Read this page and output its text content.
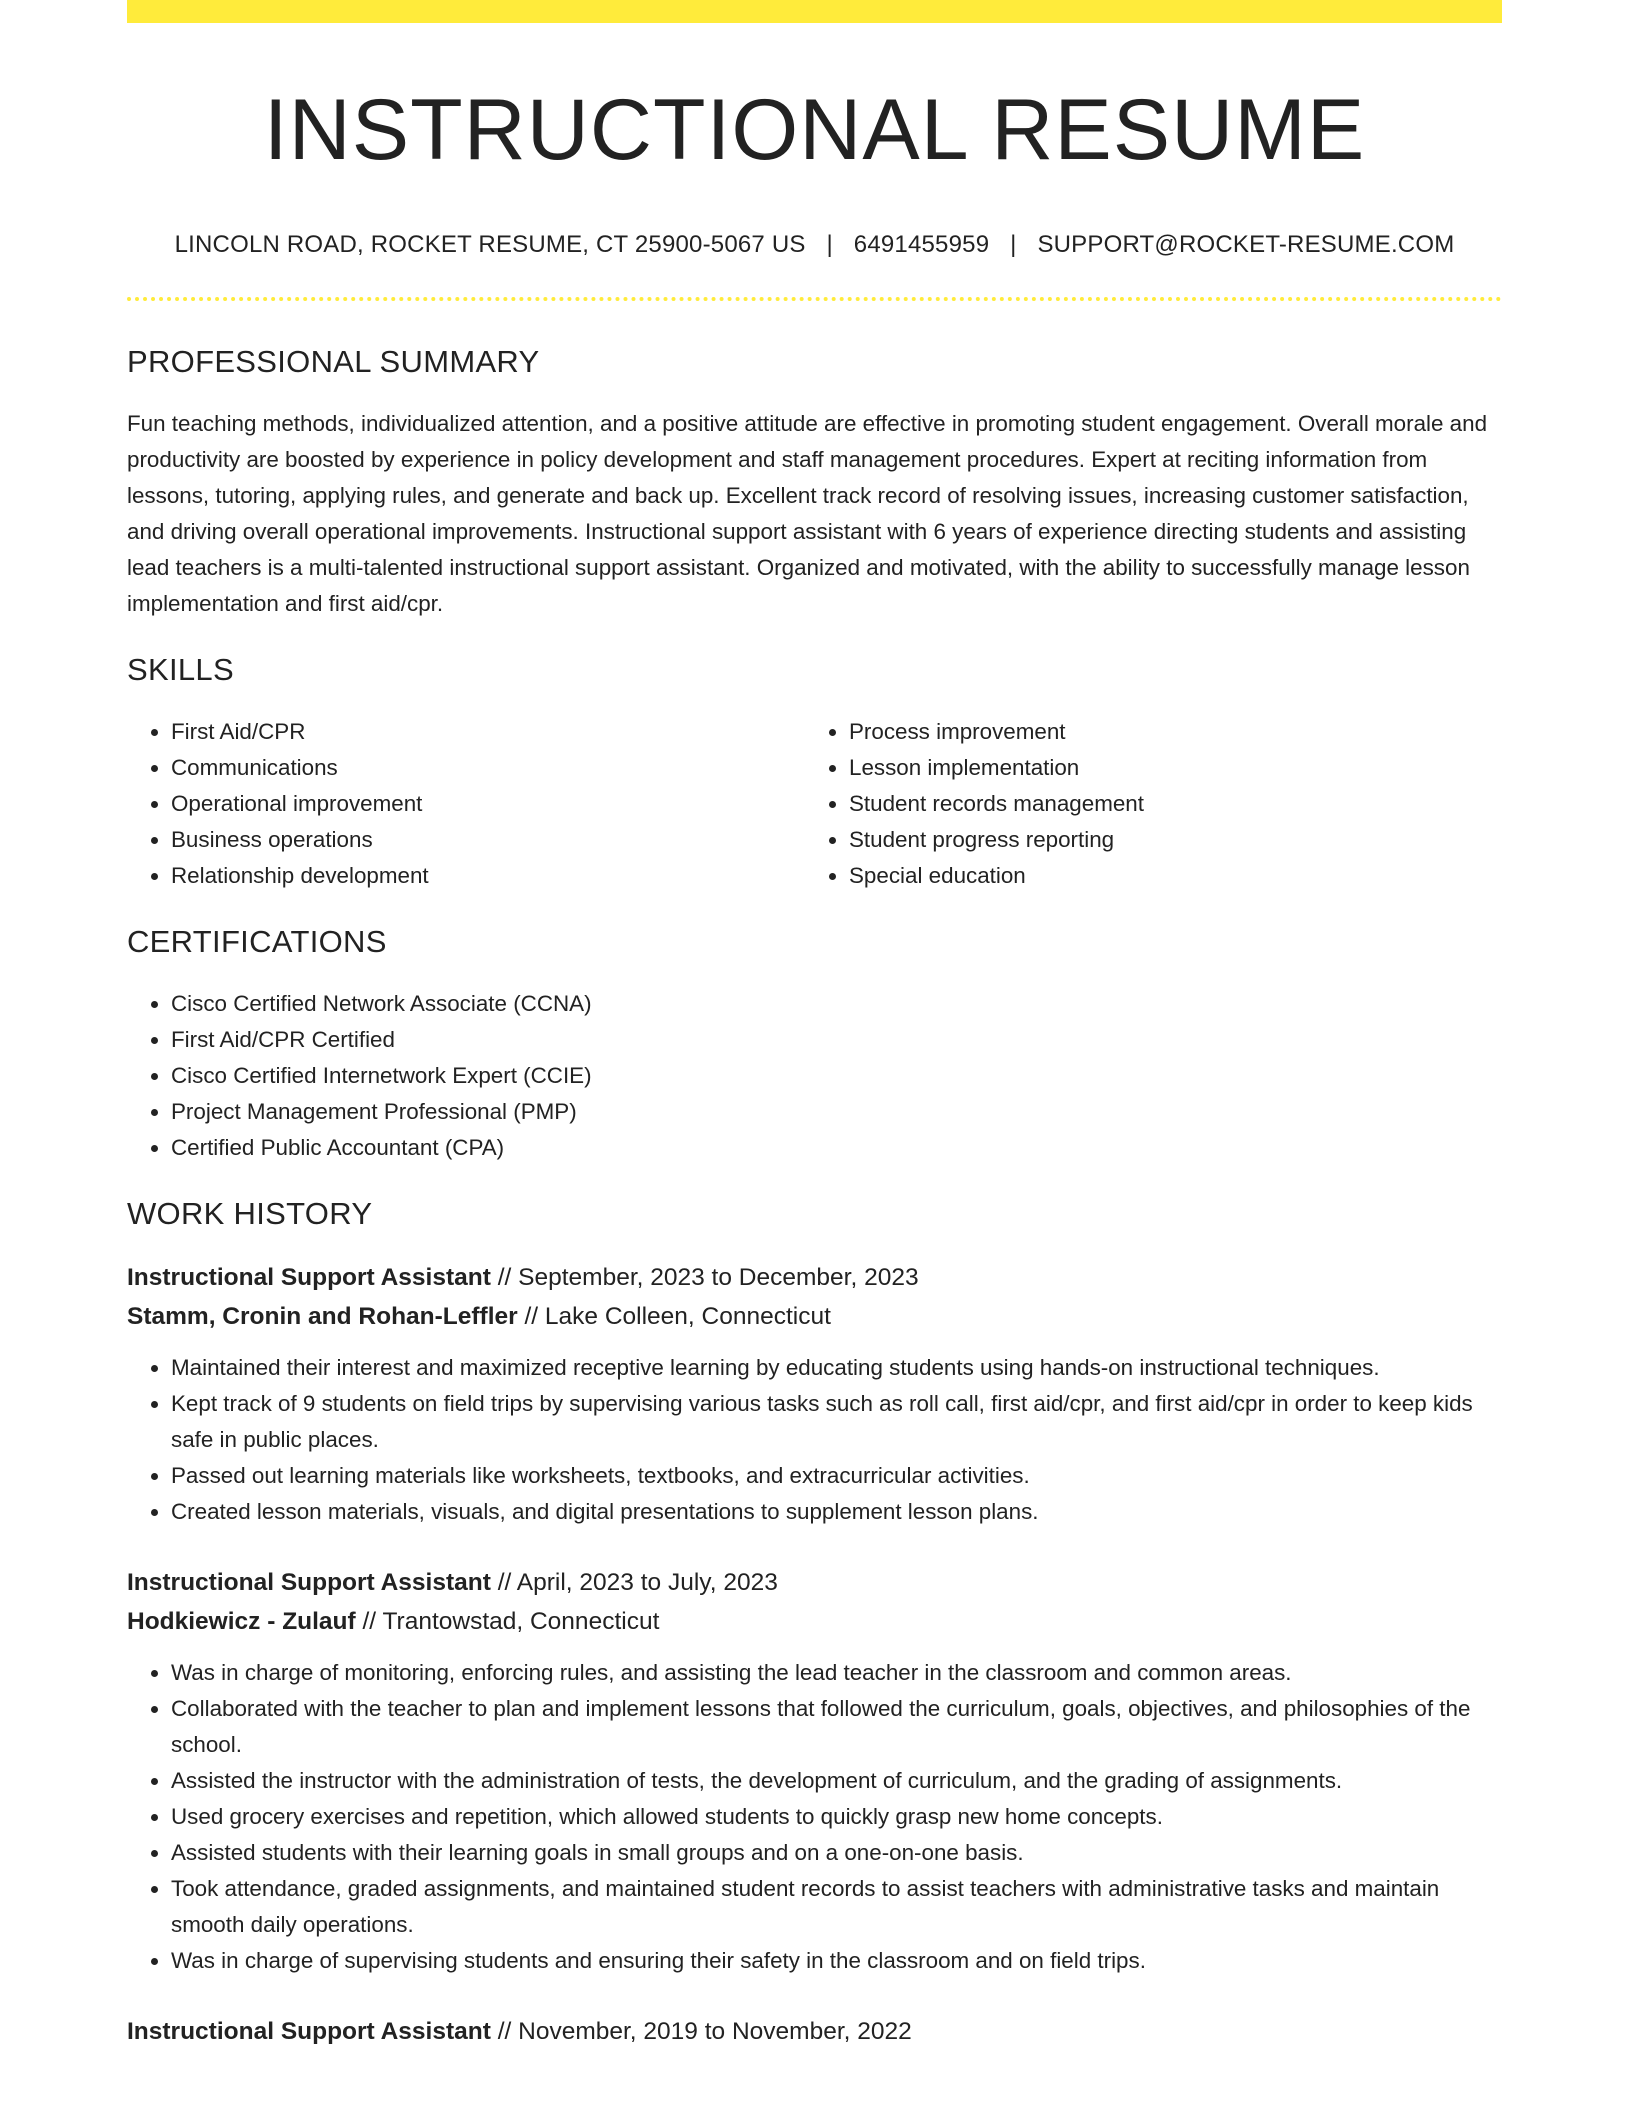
INSTRUCTIONAL RESUME
LINCOLN ROAD, ROCKET RESUME, CT 25900-5067 US | 6491455959 | SUPPORT@ROCKET-RESUME.COM
PROFESSIONAL SUMMARY

Fun teaching methods, individualized attention, and a positive attitude are effective in promoting student engagement. Overall morale and productivity are boosted by experience in policy development and staff management procedures. Expert at reciting information from lessons, tutoring, applying rules, and generate and back up. Excellent track record of resolving issues, increasing customer satisfaction, and driving overall operational improvements. Instructional support assistant with 6 years of experience directing students and assisting lead teachers is a multi-talented instructional support assistant. Organized and motivated, with the ability to successfully manage lesson implementation and first aid/cpr.

SKILLS
• First Aid/CPR
• Communications
• Operational improvement
• Business operations
• Relationship development
• Process improvement
• Lesson implementation
• Student records management
• Student progress reporting
• Special education
CERTIFICATIONS
• Cisco Certified Network Associate (CCNA)
• First Aid/CPR Certified
• Cisco Certified Internetwork Expert (CCIE)
• Project Management Professional (PMP)
• Certified Public Accountant (CPA)
WORK HISTORY
Instructional Support Assistant // September, 2023 to December, 2023
Stamm, Cronin and Rohan-Leffler // Lake Colleen, Connecticut
• Maintained their interest and maximized receptive learning by educating students using hands-on instructional techniques.
• Kept track of 9 students on field trips by supervising various tasks such as roll call, first aid/cpr, and first aid/cpr in order to keep kids safe in public places.
• Passed out learning materials like worksheets, textbooks, and extracurricular activities.
• Created lesson materials, visuals, and digital presentations to supplement lesson plans.
Instructional Support Assistant // April, 2023 to July, 2023
Hodkiewicz - Zulauf // Trantowstad, Connecticut
• Was in charge of monitoring, enforcing rules, and assisting the lead teacher in the classroom and common areas.
• Collaborated with the teacher to plan and implement lessons that followed the curriculum, goals, objectives, and philosophies of the school.
• Assisted the instructor with the administration of tests, the development of curriculum, and the grading of assignments.
• Used grocery exercises and repetition, which allowed students to quickly grasp new home concepts.
• Assisted students with their learning goals in small groups and on a one-on-one basis.
• Took attendance, graded assignments, and maintained student records to assist teachers with administrative tasks and maintain smooth daily operations.
• Was in charge of supervising students and ensuring their safety in the classroom and on field trips.
Instructional Support Assistant // November, 2019 to November, 2022
